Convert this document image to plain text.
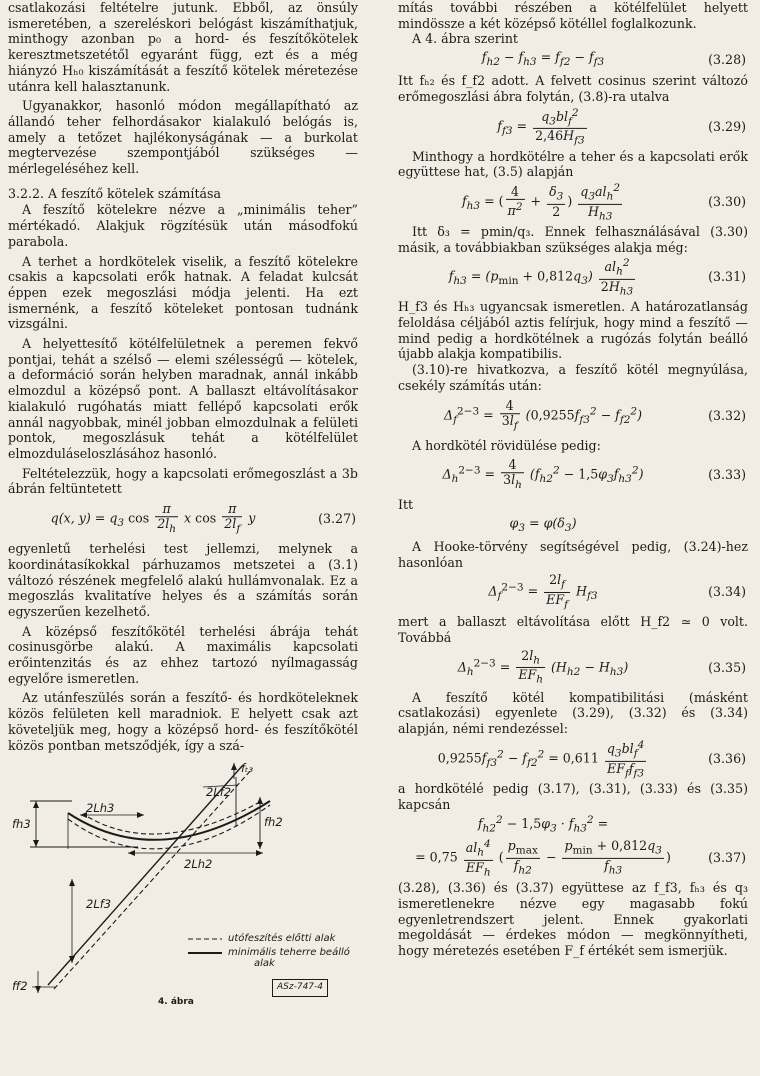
csatlakozási feltételre jutunk. Ebből, az önsúly ismeretében, a szereléskori belógást kiszámíthatjuk, minthogy azonban p₀ a hord- és feszítőkötelek keresztmetszetétől egyaránt függ, ezt és a még hiányzó Hₕ₀ kiszámítását a feszítő kötelek méretezése utánra kell halasztanunk.

Ugyanakkor, hasonló módon megállapítható az állandó teher felhordásakor kialakuló belógás is, amely a tetőzet hajlékonyságának — a burkolat megtervezése szempontjából szükséges — mérlegeléséhez kell.

3.2.2. A feszítő kötelek számítása

A feszítő kötelekre nézve a „minimális teher” mértékadó. Alakjuk rögzítésük után másodfokú parabola.

A terhet a hordkötelek viselik, a feszítő kötelekre csakis a kapcsolati erők hatnak. A feladat kulcsát éppen ezek megoszlási módja jelenti. Ha ezt ismernénk, a feszítő köteleket pontosan tudnánk vizsgálni.

A helyettesítő kötélfelületnek a peremen fekvő pontjai, tehát a szélső — elemi szélességű — kötelek, a deformáció során helyben maradnak, annál inkább elmozdul a középső pont. A ballaszt eltávolításakor kialakuló rugóhatás miatt fellépő kapcsolati erők annál nagyobbak, minél jobban elmozdulnak a felületi pontok, megoszlásuk tehát a kötélfelület elmozduláseloszlásához hasonló.

Feltételezzük, hogy a kapcsolati erőmegoszlást a 3b ábrán feltüntetett

q(x, $y) = q_3$ $\cos \frac{\pi}{2l_h}$ x $\cos \frac{\pi}{2l_f}$ y	(3.27)

egyenletű terhelési test jellemzi, melynek a koordinátasíkokkal párhuzamos metszetei a (3.1) változó részének megfelelő alakú hullámvonalak. Ez a megoszlás kvalitatíve helyes és a számítás során egyszerűen kezelhető.

A középső feszítőkötél terhelési ábrája tehát cosinusgörbe alakú. A maximális kapcsolati erőintenzitás és az ehhez tartozó nyílmagasság egyelőre ismeretlen.

Az utánfeszülés során a feszítő- és hordköteleknek közös felületen kell maradniok. E helyett csak azt követeljük meg, hogy a középső hord- és feszítőkötél közös pontban metsződjék, így a szá-

fₜ₃
2Lf2
2Lh3
fh3	fh2
2Lh2
2Lf3
ff2
utófeszítés előtti alak
minimális teherre beálló
alak
ASz-747-4
4. ábra

mítás további részében a kötélfelület helyett mindössze a két középső kötéllel foglalkozunk.

A 4. ábra szerint

$f_{h2} - f_{h3} = f_{f2} - f_{f3}$	(3.28)

Itt fₕ₂ és f_f2 adott. A felvett cosinus szerint változó erőmegoszlási ábra folytán, (3.8)-ra utalva

$f_{f3} = \frac{q_3bl_f^2}{2,46H_{f3}}$	(3.29)

Minthogy a hordkötélre a teher és a kapcsolati erők együttese hat, (3.5) alapján

$f_{h3}$ = ( $\frac{4}{\pi^2} + \frac{\delta_3}{2}$ ) $\frac{q_3al_h^2}{H_{h3}}$	(3.30)

Itt δ₃ = pmin/q₃. Ennek felhasználásával (3.30) másik, a továbbiakban szükséges alakja még:

$f_{h3} = (p_{min} + 0,812q_3) \frac{al_h^2}{2H_{h3}}$	(3.31)

H_f3 és Hₕ₃ ugyancsak ismeretlen. A határozatlanság feloldása céljából aztis felírjuk, hogy mind a feszítő — mind pedig a hordkötélnek a rugózás folytán beálló újabb alakja kompatibilis.

(3.10)-re hivatkozva, a feszítő kötél megnyúlása, csekély számítás után:

$\Delta_f^{2-3} = \frac{4}{3l_f} (0,9255f_{f3}^2 - f_{f2}^2)$	(3.32)

A hordkötél rövidülése pedig:

$\Delta_h^{2-3} = \frac{4}{3l_h} (f_{h2}^2 - 1,5\varphi_3f_{h3}^2)$	(3.33)

Itt

$\varphi_3 = \varphi(\delta_3)$

A Hooke-törvény segítségével pedig, (3.24)-hez hasonlóan

$\Delta_f^{2-3} = \frac{2l_f}{EF_f} H_{f3}$	(3.34)

mert a ballaszt eltávolítása előtt H_f2 ≃ 0 volt. Továbbá

$\Delta_h^{2-3} = \frac{2l_h}{EF_h} (H_{h2} - H_{h3})$	(3.35)

A feszítő kötél kompatibilitási (másként csatlakozási) egyenlete (3.29), (3.32) és (3.34) alapján, némi rendezéssel:

$0,9255f_{f3}^2 - f_{f2}^2 = 0,611 \frac{q_3bl_f^4}{EF_ff_{f3}}$	(3.36)

a hordkötélé pedig (3.17), (3.31), (3.33) és (3.35) kapcsán

$f_{h2}^2 - 1,5\varphi_3 \cdot f_{h3}^2$ =
= $0,75 \frac{al_h^4}{EF_h}$ ( $\frac{p_{max}}{f_{h2}} - \frac{p_{min} + 0,812q_3}{f_{h3}}$ )	(3.37)

(3.28), (3.36) és (3.37) együttese az f_f3, fₕ₃ és q₃ ismeretlenekre nézve egy magasabb fokú egyenletrendszert jelent. Ennek gyakorlati megoldását — érdekes módon — megkönnyítheti, hogy méretezés esetében F_f értékét sem ismerjük.
